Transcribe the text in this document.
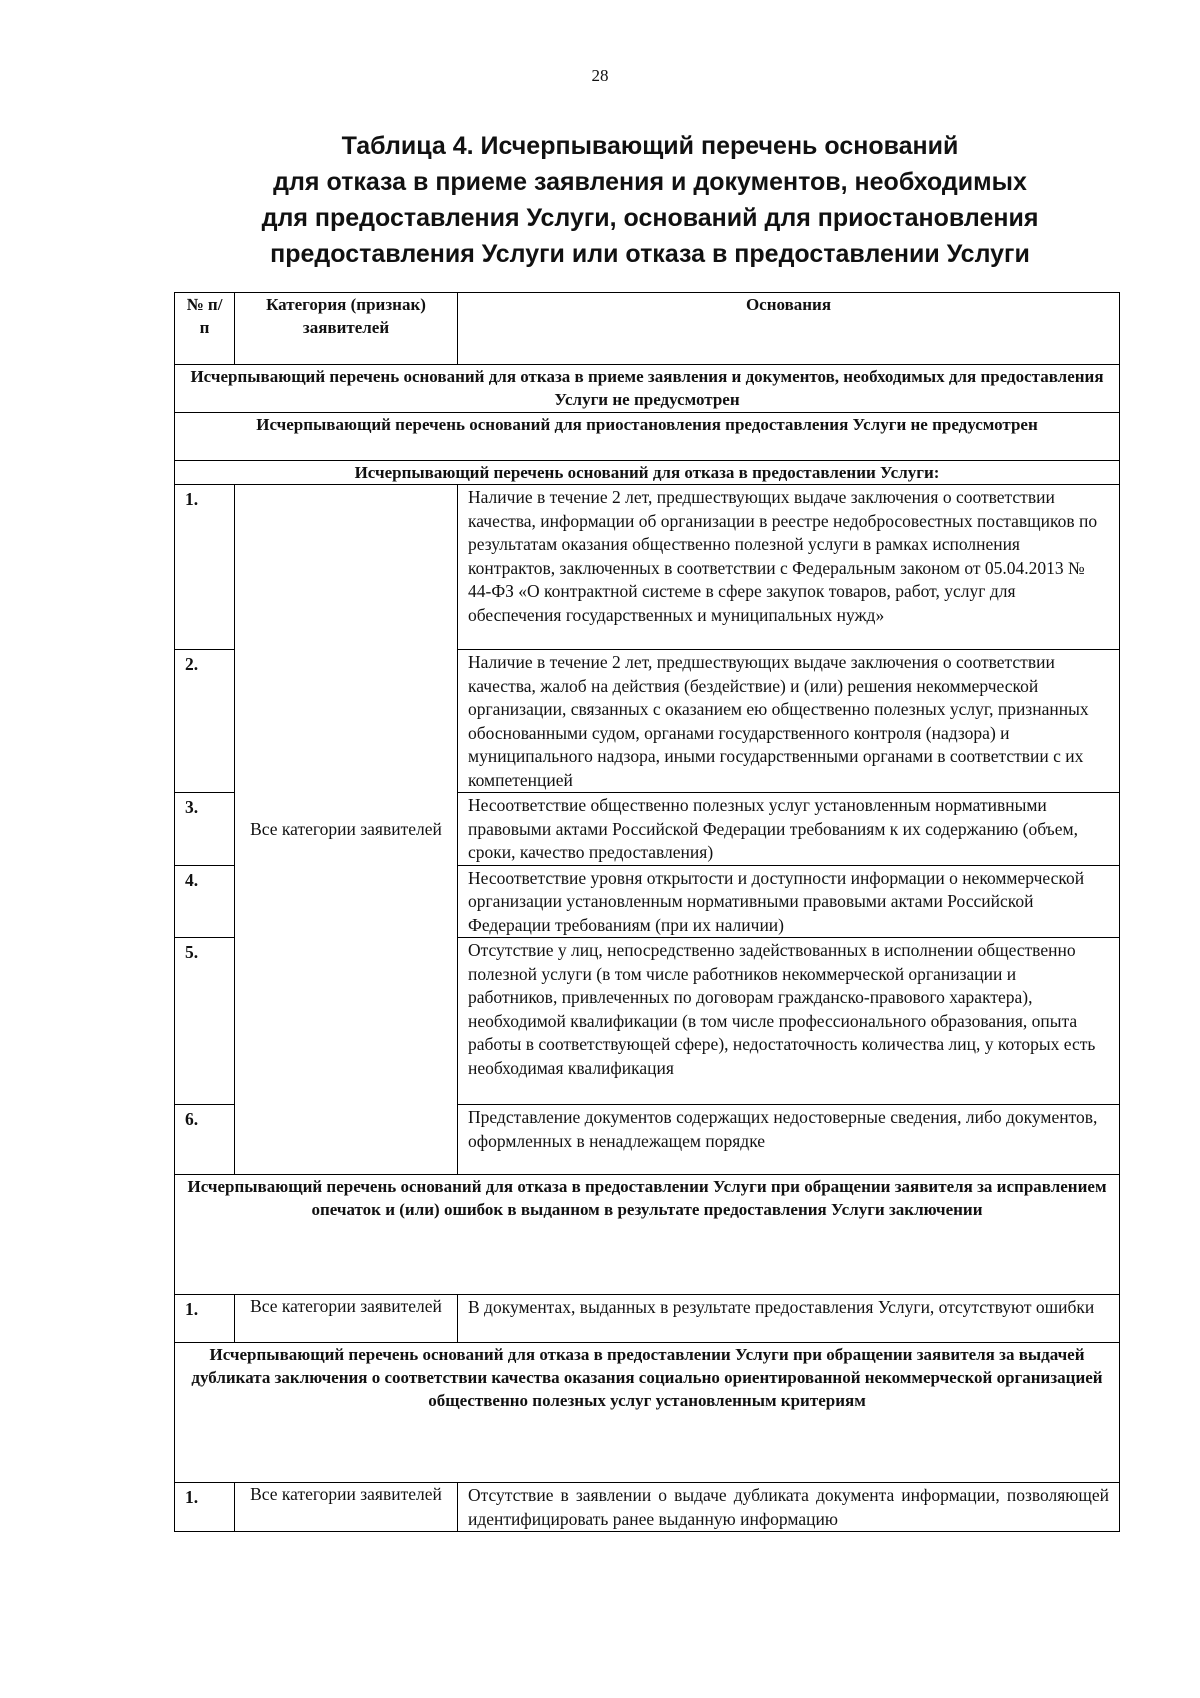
28
Таблица 4. Исчерпывающий перечень оснований
для отказа в приеме заявления и документов, необходимых
для предоставления Услуги, оснований для приостановления
предоставления Услуги или отказа в предоставлении Услуги
№ п/п	Категория (признак) заявителей	Основания
Исчерпывающий перечень оснований для отказа в приеме заявления и документов, необходимых для предоставления Услуги не предусмотрен		
Исчерпывающий перечень оснований для приостановления предоставления Услуги не предусмотрен		
Исчерпывающий перечень оснований для отказа в предоставлении Услуги:		
1.	Все категории заявителей	Наличие в течение 2 лет, предшествующих выдаче заключения о соответствии качества, информации об организации в реестре недобросовестных поставщиков по результатам оказания общественно полезной услуги в рамках исполнения контрактов, заключенных в соответствии с Федеральным законом от 05.04.2013 № 44-ФЗ «О контрактной системе в сфере закупок товаров, работ, услуг для обеспечения государственных и муниципальных нужд»
2.		Наличие в течение 2 лет, предшествующих выдаче заключения о соответствии качества, жалоб на действия (бездействие) и (или) решения некоммерческой организации, связанных с оказанием ею общественно полезных услуг, признанных обоснованными судом, органами государственного контроля (надзора) и муниципального надзора, иными государственными органами в соответствии с их компетенцией
3.		Несоответствие общественно полезных услуг установленным нормативными правовыми актами Российской Федерации требованиям к их содержанию (объем, сроки, качество предоставления)
4.		Несоответствие уровня открытости и доступности информации о некоммерческой организации установленным нормативными правовыми актами Российской Федерации требованиям (при их наличии)
5.		Отсутствие у лиц, непосредственно задействованных в исполнении общественно полезной услуги (в том числе работников некоммерческой организации и работников, привлеченных по договорам гражданско-правового характера), необходимой квалификации (в том числе профессионального образования, опыта работы в соответствующей сфере), недостаточность количества лиц, у которых есть необходимая квалификация
6.		Представление документов содержащих недостоверные сведения, либо документов, оформленных в ненадлежащем порядке
Исчерпывающий перечень оснований для отказа в предоставлении Услуги при обращении заявителя за исправлением опечаток и (или) ошибок в выданном в результате предоставления Услуги заключении		
1.	Все категории заявителей	В документах, выданных в результате предоставления Услуги, отсутствуют ошибки
Исчерпывающий перечень оснований для отказа в предоставлении Услуги при обращении заявителя за выдачей дубликата заключения о соответствии качества оказания социально ориентированной некоммерческой организацией общественно полезных услуг установленным критериям		
1.	Все категории заявителей	Отсутствие в заявлении о выдаче дубликата документа информации, позволяющей идентифицировать ранее выданную информацию
